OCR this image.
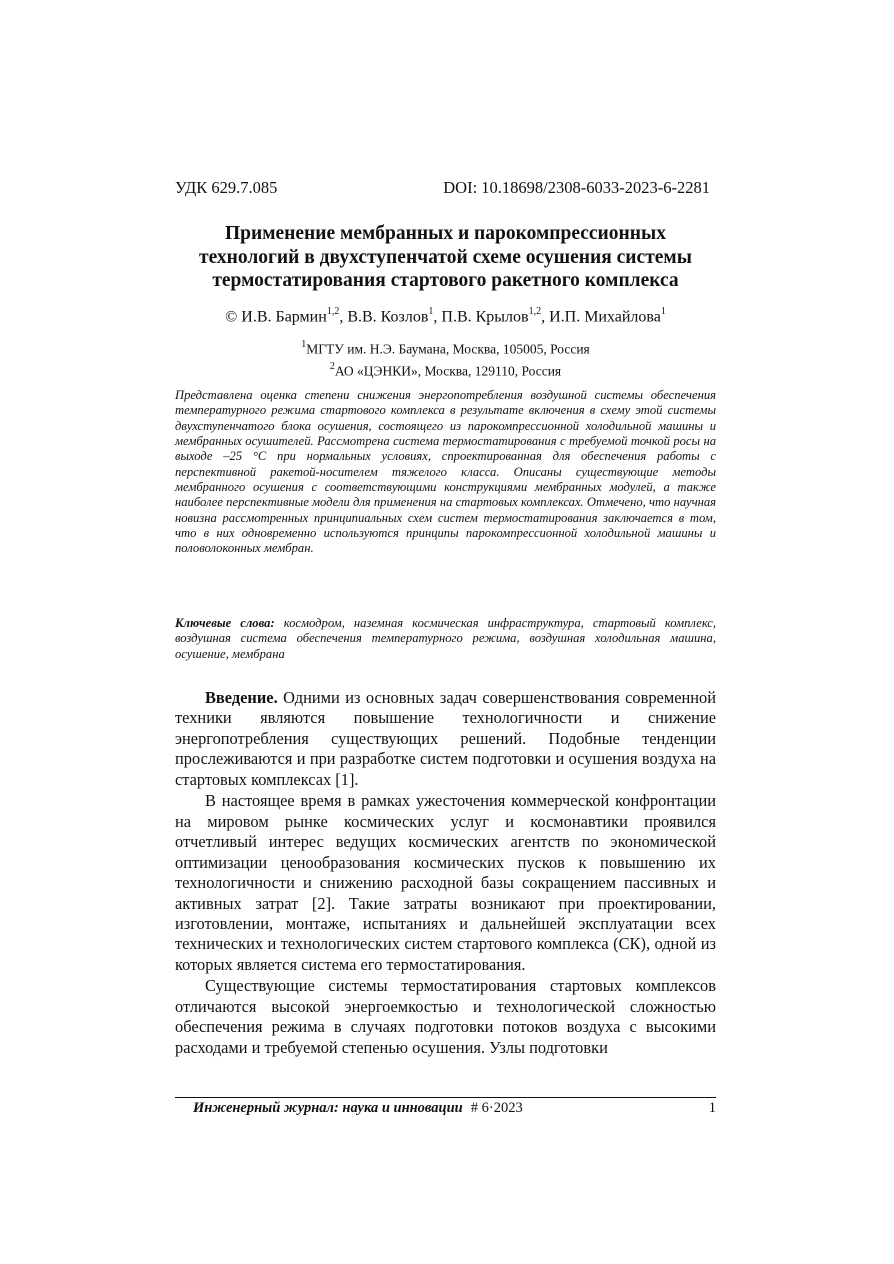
УДК 629.7.085	DOI: 10.18698/2308-6033-2023-6-2281
Применение мембранных и парокомпрессионных технологий в двухступенчатой схеме осушения системы термостатирования стартового ракетного комплекса
© И.В. Бармин$^{1,2}$, В.В. Козлов$^1$, П.В. Крылов$^{1,2}$, И.П. Михайлова$^1$
$^1$МГТУ им. Н.Э. Баумана, Москва, 105005, Россия
$^2$АО «ЦЭНКИ», Москва, 129110, Россия
Представлена оценка степени снижения энергопотребления воздушной системы обеспечения температурного режима стартового комплекса в результате включения в схему этой системы двухступенчатого блока осушения, состоящего из парокомпрессионной холодильной машины и мембранных осушителей. Рассмотрена система термостатирования с требуемой точкой росы на выходе –25 °C при нормальных условиях, спроектированная для обеспечения работы с перспективной ракетой-носителем тяжелого класса. Описаны существующие методы мембранного осушения с соответствующими конструкциями мембранных модулей, а также наиболее перспективные модели для применения на стартовых комплексах. Отмечено, что научная новизна рассмотренных принципиальных схем систем термостатирования заключается в том, что в них одновременно используются принципы парокомпрессионной холодильной машины и половолоконных мембран.
Ключевые слова: космодром, наземная космическая инфраструктура, стартовый комплекс, воздушная система обеспечения температурного режима, воздушная холодильная машина, осушение, мембрана

Введение. Одними из основных задач совершенствования современной техники являются повышение технологичности и снижение энергопотребления существующих решений. Подобные тенденции прослеживаются и при разработке систем подготовки и осушения воздуха на стартовых комплексах [1].

В настоящее время в рамках ужесточения коммерческой конфронтации на мировом рынке космических услуг и космонавтики проявился отчетливый интерес ведущих космических агентств по экономической оптимизации ценообразования космических пусков к повышению их технологичности и снижению расходной базы сокращением пассивных и активных затрат [2]. Такие затраты возникают при проектировании, изготовлении, монтаже, испытаниях и дальнейшей эксплуатации всех технических и технологических систем стартового комплекса (СК), одной из которых является система его термостатирования.

Существующие системы термостатирования стартовых комплексов отличаются высокой энергоемкостью и технологической сложностью обеспечения режима в случаях подготовки потоков воздуха с высокими расходами и требуемой степенью осушения. Узлы подготовки

Инженерный журнал: наука и инновации # 6·2023	1
